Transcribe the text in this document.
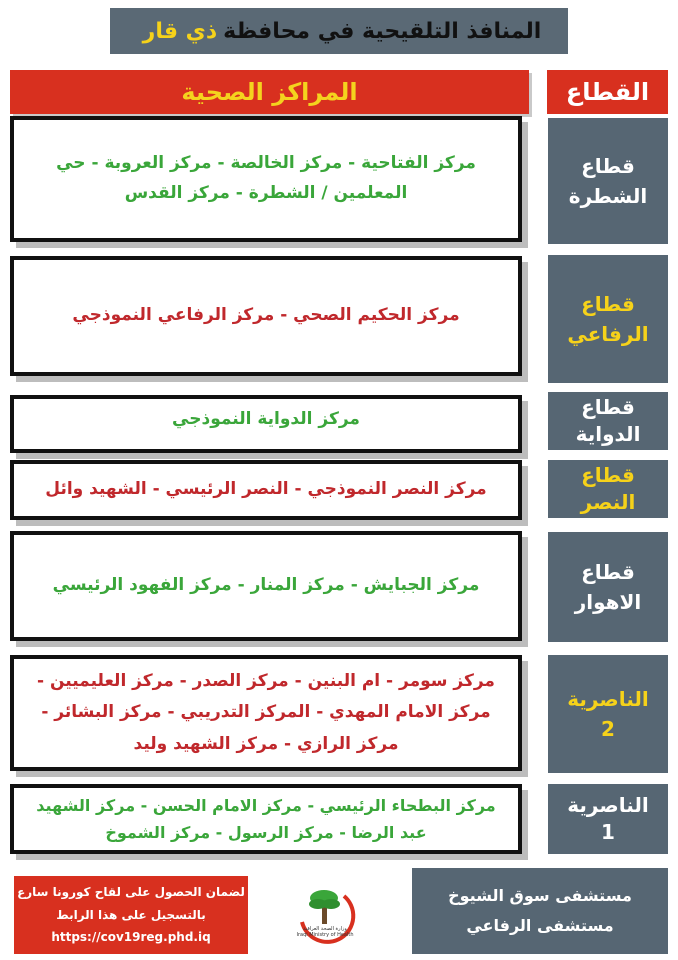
المنافذ التلقيحية في محافظة
ذي قار
المراكز الصحية	القطاع
قطاع
الشطرة
مركز الفتاحية - مركز الخالصة - مركز العروبة - حي المعلمين / الشطرة - مركز القدس
قطاع
الرفاعي
مركز الحكيم الصحي - مركز الرفاعي النموذجي
قطاع
الدواية
مركز الدواية النموذجي
قطاع
النصر
مركز النصر النموذجي - النصر الرئيسي - الشهيد وائل
قطاع
الاهوار
مركز الجبايش - مركز المنار - مركز الفهود الرئيسي
الناصرية
2
مركز سومر - ام البنين - مركز الصدر - مركز العليميين - مركز الامام المهدي - المركز التدريبي - مركز البشائر - مركز الرازي - مركز الشهيد وليد
الناصرية
1
مركز البطحاء الرئيسي - مركز الامام الحسن - مركز الشهيد عبد الرضا - مركز الرسول - مركز الشموخ
لضمان الحصول على لقاح كورونا سارع
بالتسجيل على هذا الرابط
https://cov19reg.phd.iq
وزارة الصحة العراقية
Iraqi Ministry of Health
مستشفى سوق الشيوخ
مستشفى الرفاعي
